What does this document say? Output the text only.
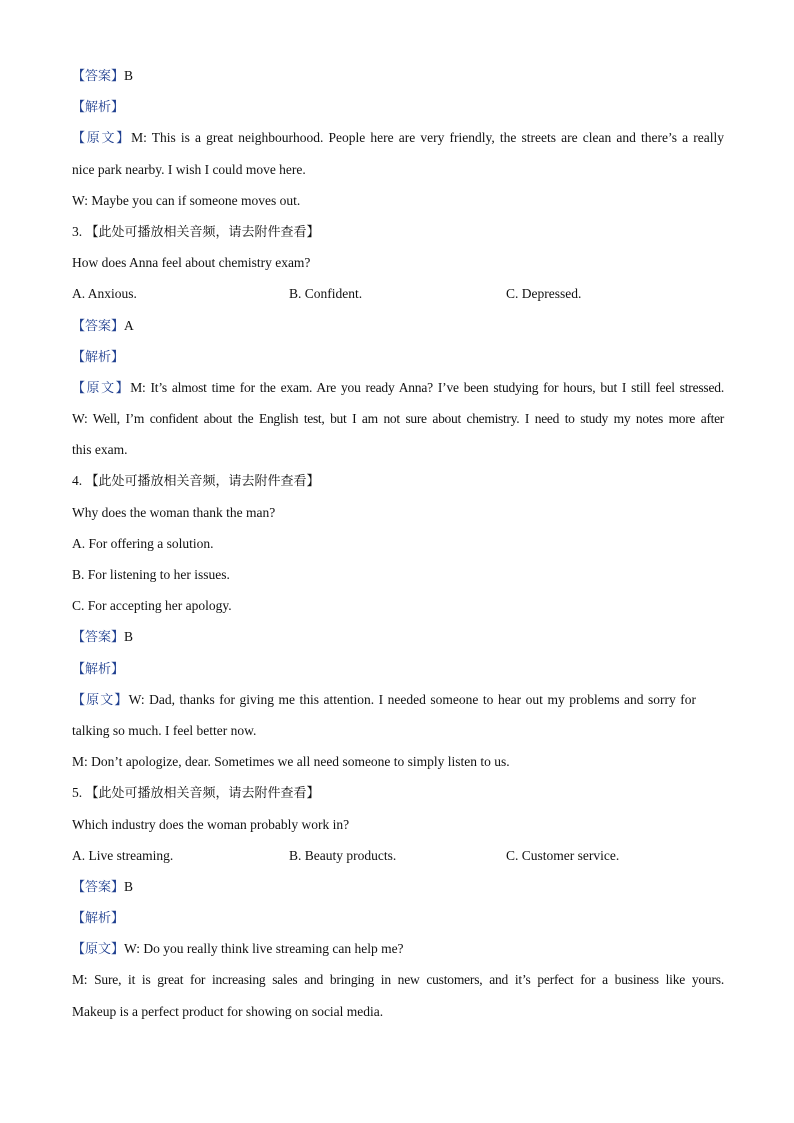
【答案】B
【解析】
【原文】M: This is a great neighbourhood. People here are very friendly, the streets are clean and there’s a really
nice park nearby. I wish I could move here.
W: Maybe you can if someone moves out.
3. 【此处可播放相关音频，请去附件查看】
How does Anna feel about chemistry exam?
A. Anxious.	B. Confident.	C. Depressed.
【答案】A
【解析】
【原文】M: It’s almost time for the exam. Are you ready Anna? I’ve been studying for hours, but I still feel stressed.
W: Well, I’m confident about the English test, but I am not sure about chemistry. I need to study my notes more after
this exam.
4. 【此处可播放相关音频，请去附件查看】
Why does the woman thank the man?
A. For offering a solution.
B. For listening to her issues.
C. For accepting her apology.
【答案】B
【解析】
【原文】W: Dad, thanks for giving me this attention. I needed someone to hear out my problems and sorry for
talking so much. I feel better now.
M: Don’t apologize, dear. Sometimes we all need someone to simply listen to us.
5. 【此处可播放相关音频，请去附件查看】
Which industry does the woman probably work in?
A. Live streaming.	B. Beauty products.	C. Customer service.
【答案】B
【解析】
【原文】W: Do you really think live streaming can help me?
M: Sure, it is great for increasing sales and bringing in new customers, and it’s perfect for a business like yours.
Makeup is a perfect product for showing on social media.
